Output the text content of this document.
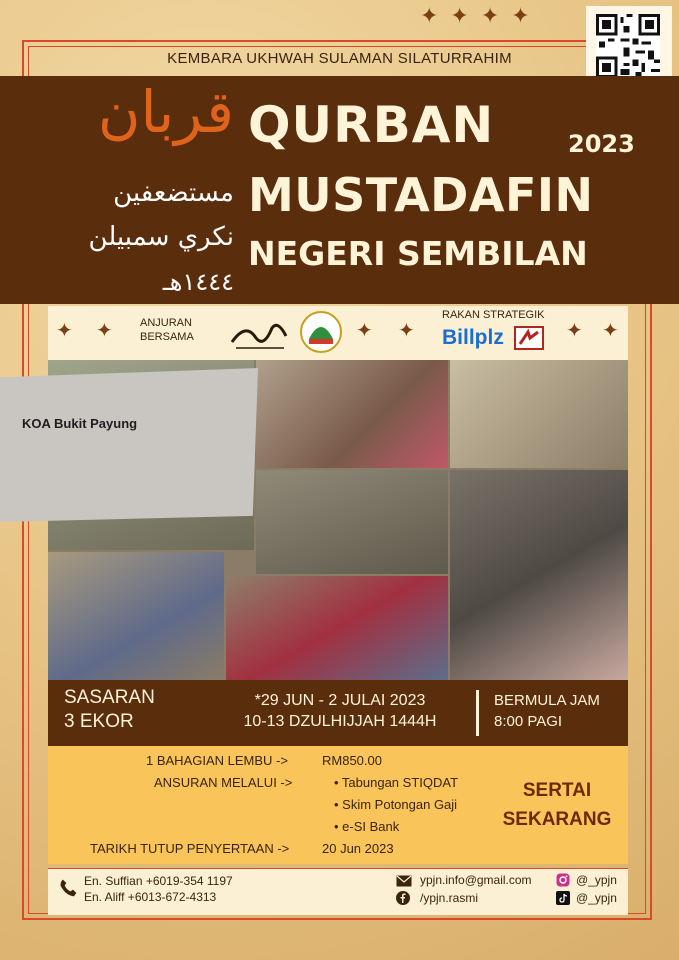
✦✦✦✦
KEMBARA UKHWAH SULAMAN SILATURRAHIM
قربان
مستضعفين
نكري سمبيلن
١٤٤٤هـ
QURBAN	2023
MUSTADAFIN
NEGERI SEMBILAN
✦ ✦ ANJURAN
BERSAMA	✦ ✦
RAKAN STRATEGIK
Billplz	✦ ✦
KOA Bukit Payung
SASARAN
3 EKOR
*29 JUN - 2 JULAI 2023
10-13 DZULHIJJAH 1444H
BERMULA JAM
8:00 PAGI
1 BAHAGIAN LEMBU ->	RM850.00
ANSURAN MELALUI ->	• Tabungan STIQDAT
• Skim Potongan Gaji
• e-SI Bank
TARIKH TUTUP PENYERTAAN ->	20 Jun 2023
SERTAI
SEKARANG
En. Suffian +6019-354 1197
En. Aliff +6013-672-4313
ypjn.info@gmail.com
/ypjn.rasmi
@_ypjn
@_ypjn
